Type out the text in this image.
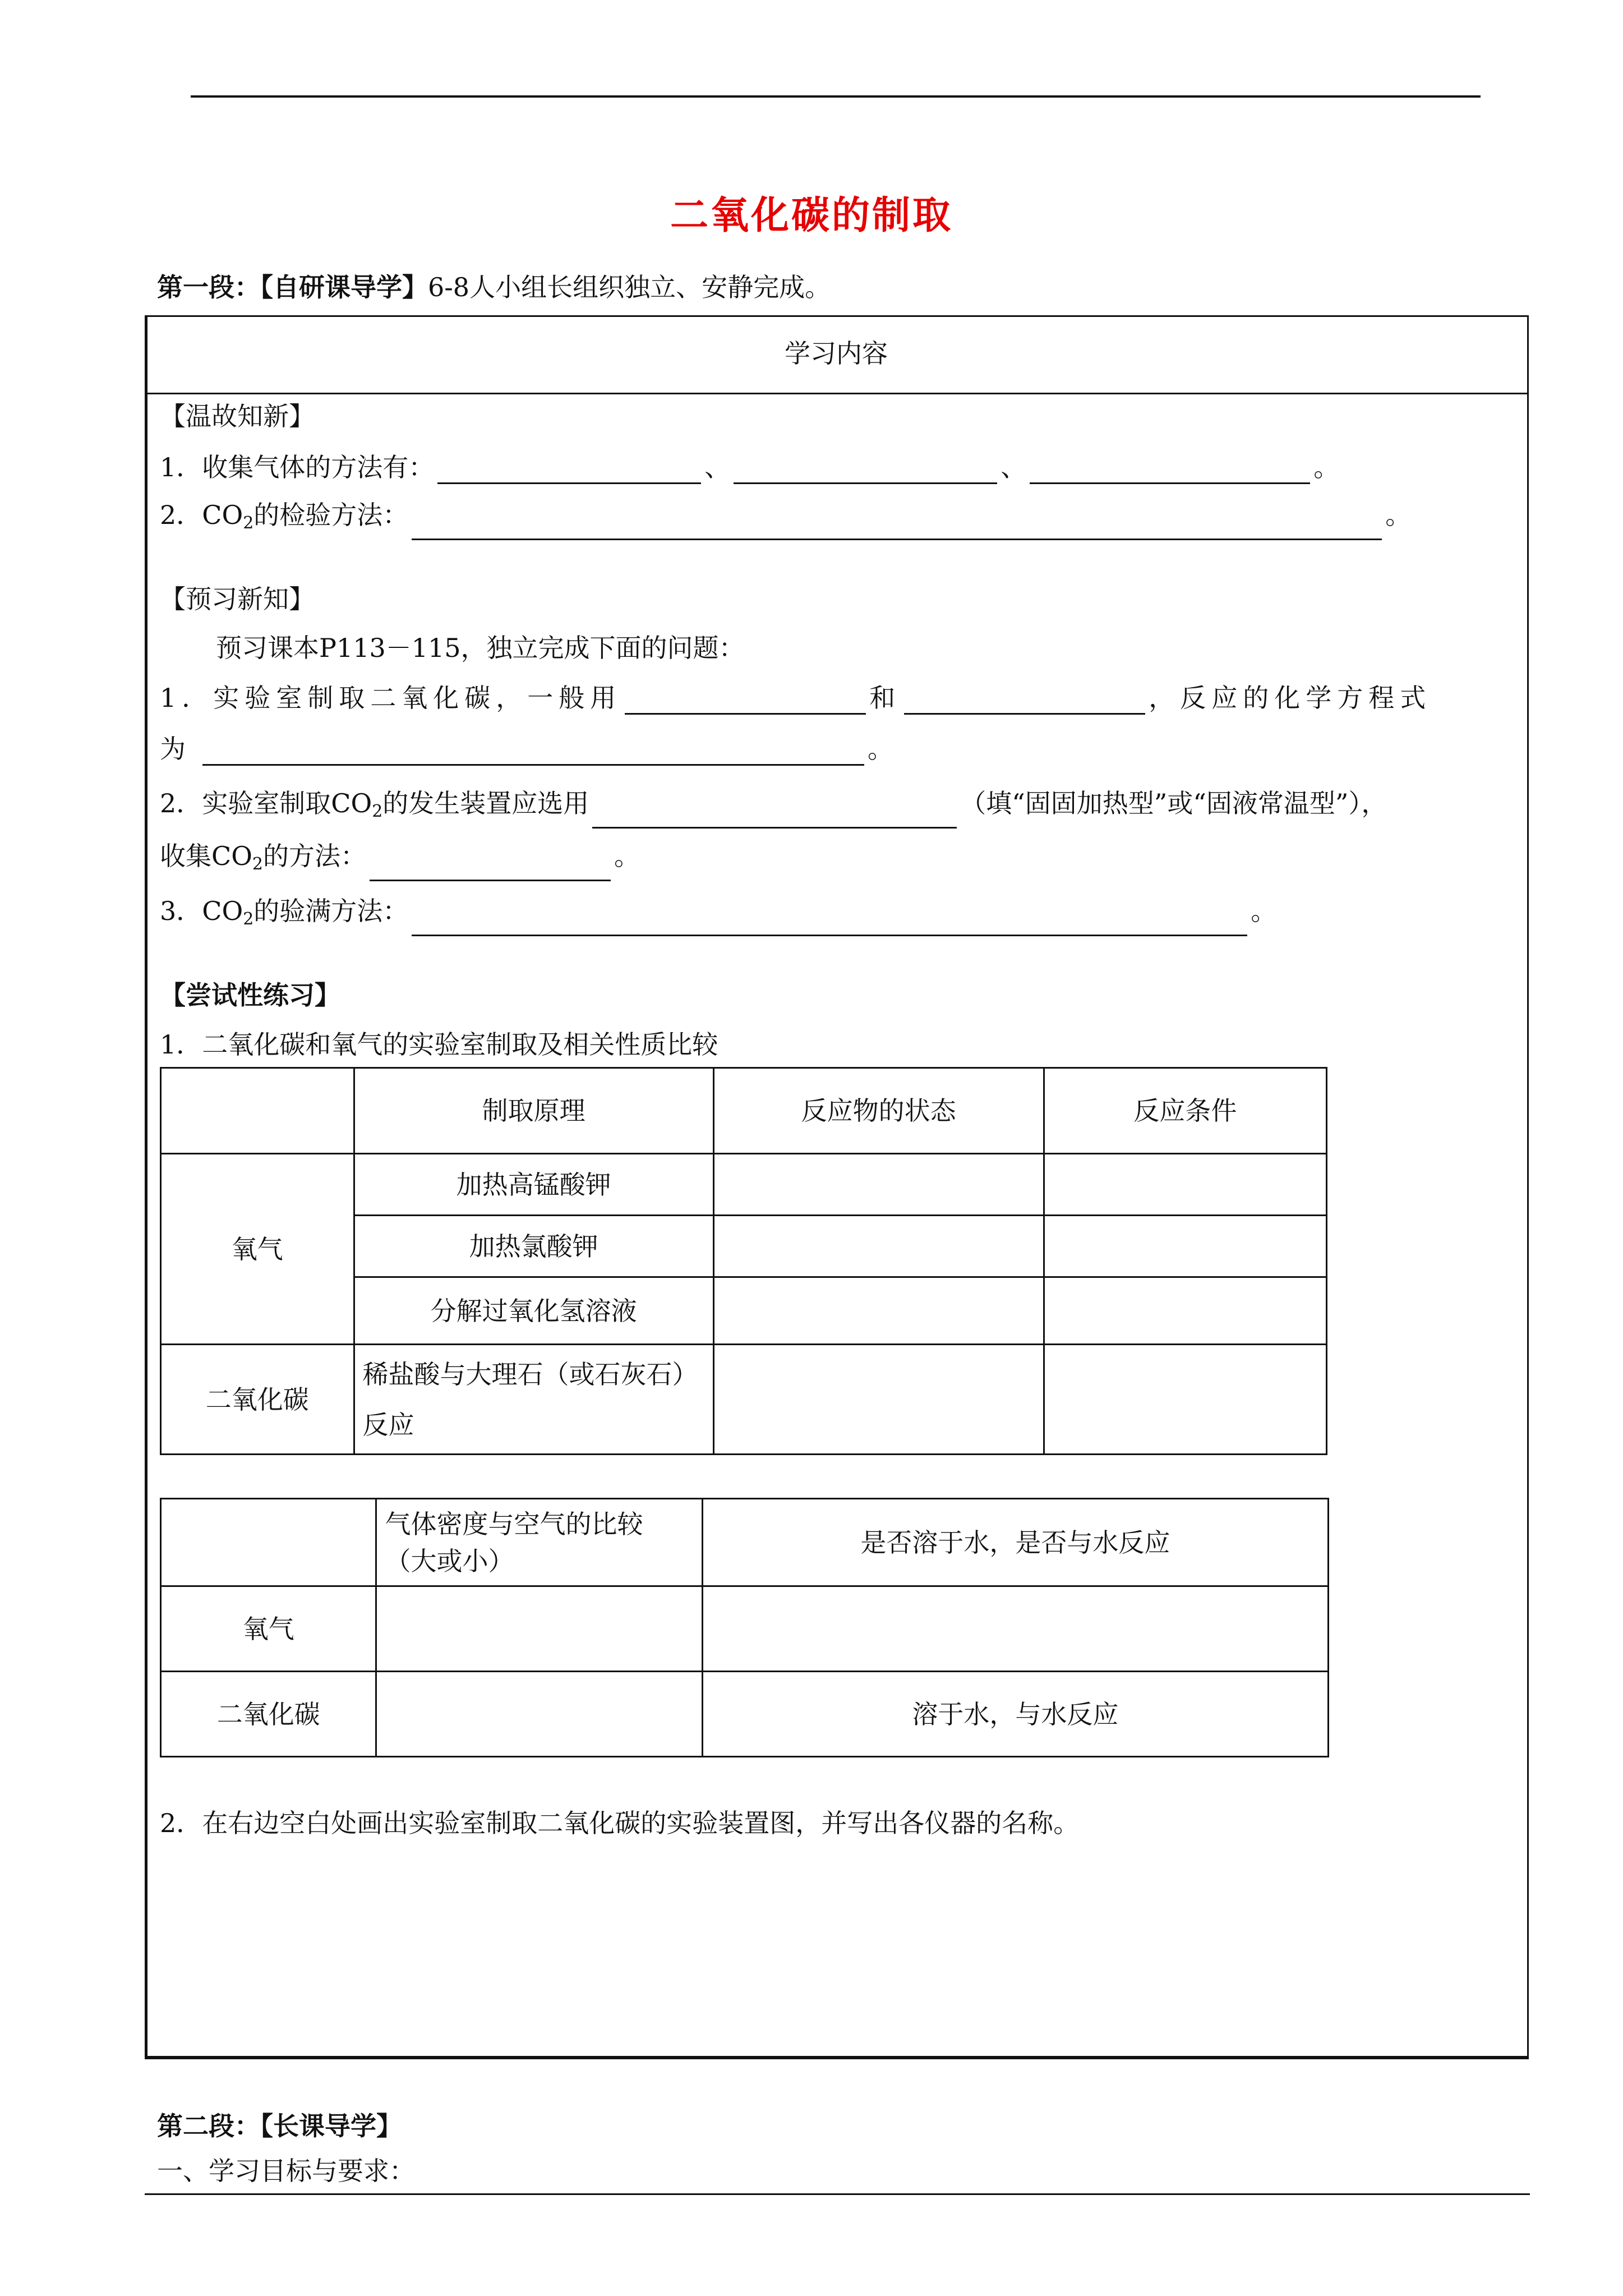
二氧化碳的制取
第一段：【自研课导学】6-8人小组长组织独立、安静完成。
学习内容
【温故知新】
1．收集气体的方法有：	、	、	。
2．$CO_2$的检验方法：	。
【预习新知】
预习课本P113－115，独立完成下面的问题：
1．实验室制取二氧化碳，一般用	和	，反应的化学方程式
为	。
2．实验室制取$CO_2$的发生装置应选用	（填“固固加热型”或“固液常温型”），
收集$CO_2$的方法：	。
3．$CO_2$的验满方法：	。
【尝试性练习】
1．二氧化碳和氧气的实验室制取及相关性质比较
	制取原理	反应物的状态	反应条件
氧气	加热高锰酸钾		
	加热氯酸钾		
	分解过氧化氢溶液		
二氧化碳	稀盐酸与大理石（或石灰石）反应		
	气体密度与空气的比较（大或小）	是否溶于水，是否与水反应
氧气		
二氧化碳		溶于水，与水反应
2．在右边空白处画出实验室制取二氧化碳的实验装置图，并写出各仪器的名称。
第二段：【长课导学】
一、学习目标与要求：
